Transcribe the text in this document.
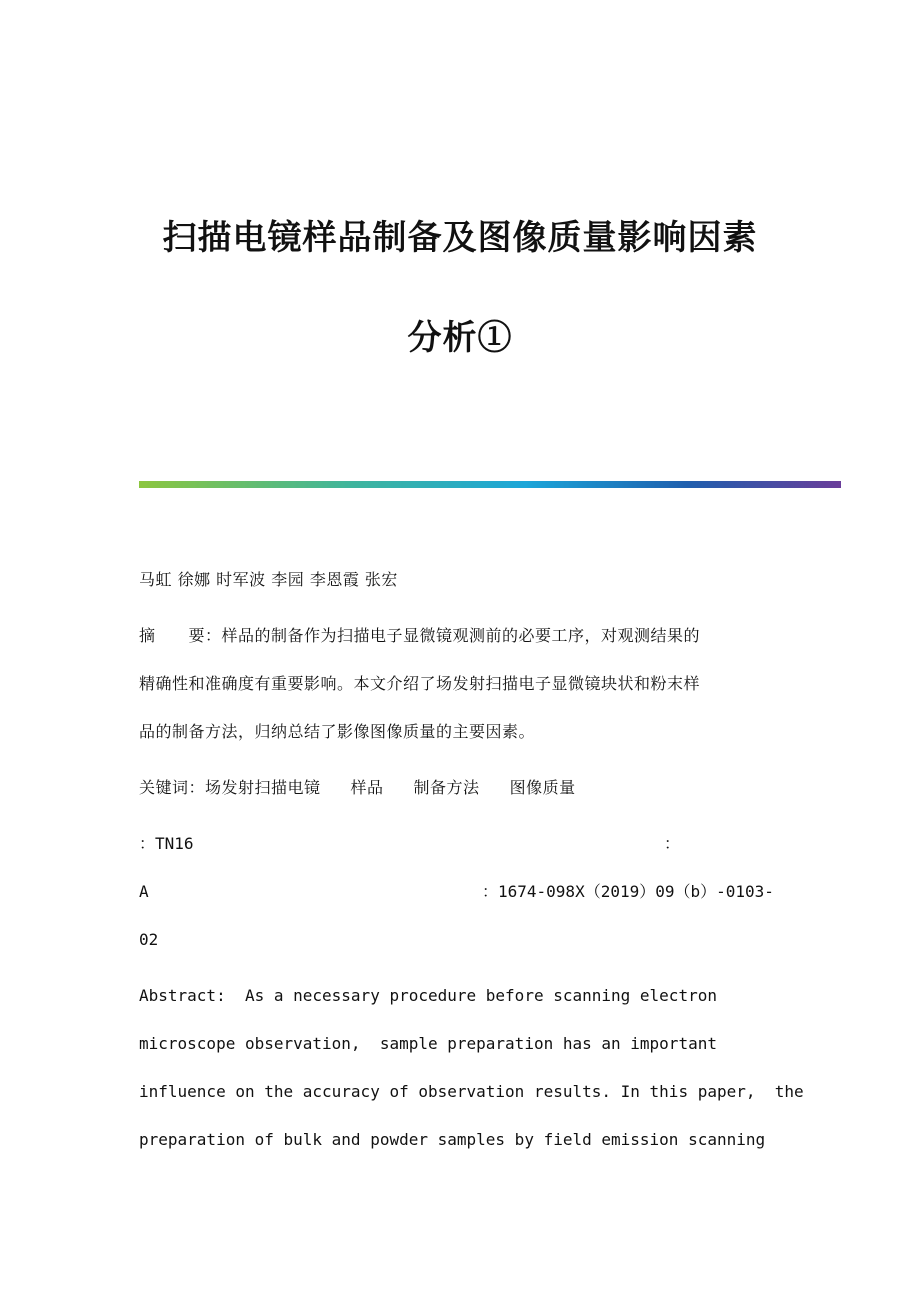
扫描电镜样品制备及图像质量影响因素
分析①
马虹 徐娜 时军波 李园 李恩霞 张宏
摘　　要：样品的制备作为扫描电子显微镜观测前的必要工序，对观测结果的
精确性和准确度有重要影响。本文介绍了场发射扫描电子显微镜块状和粉末样
品的制备方法，归纳总结了影像图像质量的主要因素。
关键词：场发射扫描电镜 样品 制备方法 图像质量
：TN16	：
A	：1674-098X（2019）09（b）-0103-
02
Abstract:  As a necessary procedure before scanning electron
microscope observation,  sample preparation has an important
influence on the accuracy of observation results. In this paper,  the
preparation of bulk and powder samples by field emission scanning
